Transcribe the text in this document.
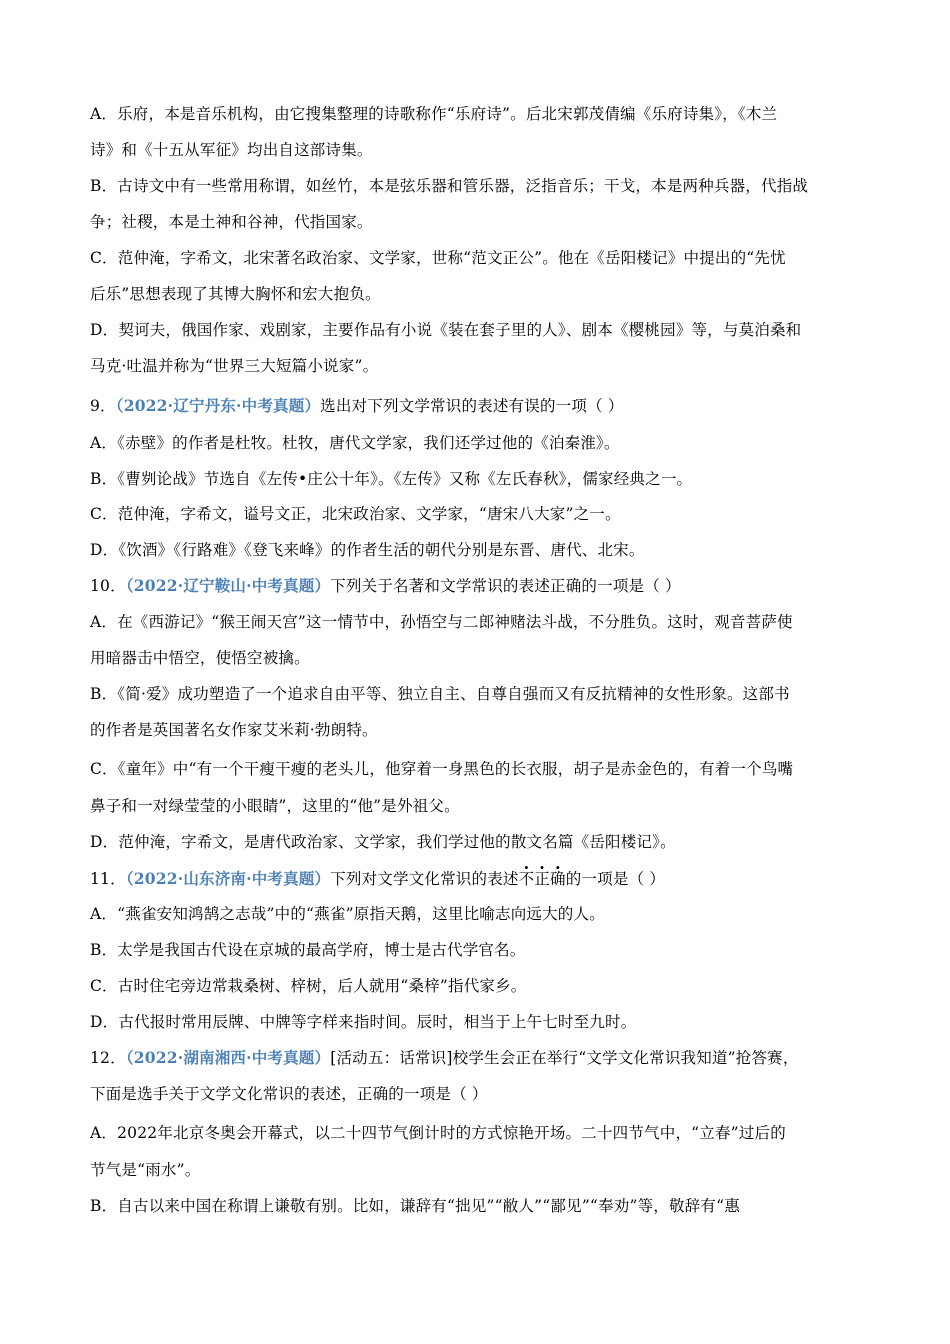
A．乐府，本是音乐机构，由它搜集整理的诗歌称作“乐府诗”。后北宋郭茂倩编《乐府诗集》，《木兰
诗》和《十五从军征》均出自这部诗集。
B．古诗文中有一些常用称谓，如丝竹，本是弦乐器和管乐器，泛指音乐；干戈，本是两种兵器，代指战
争；社稷，本是土神和谷神，代指国家。
C．范仲淹，字希文，北宋著名政治家、文学家，世称“范文正公”。他在《岳阳楼记》中提出的“先忧
后乐”思想表现了其博大胸怀和宏大抱负。
D．契诃夫，俄国作家、戏剧家，主要作品有小说《装在套子里的人》、剧本《樱桃园》等，与莫泊桑和
马克·吐温并称为“世界三大短篇小说家”。
9．（2022·辽宁丹东·中考真题）选出对下列文学常识的表述有误的一项（ ）
A．《赤壁》的作者是杜牧。杜牧，唐代文学家，我们还学过他的《泊秦淮》。
B．《曹刿论战》节选自《左传•庄公十年》。《左传》又称《左氏春秋》，儒家经典之一。
C．范仲淹，字希文，谥号文正，北宋政治家、文学家，“唐宋八大家”之一。
D．《饮酒》《行路难》《登飞来峰》的作者生活的朝代分别是东晋、唐代、北宋。
10．（2022·辽宁鞍山·中考真题）下列关于名著和文学常识的表述正确的一项是（ ）
A．在《西游记》“猴王闹天宫”这一情节中，孙悟空与二郎神赌法斗战，不分胜负。这时，观音菩萨使
用暗器击中悟空，使悟空被擒。
B．《简·爱》成功塑造了一个追求自由平等、独立自主、自尊自强而又有反抗精神的女性形象。这部书
的作者是英国著名女作家艾米莉·勃朗特。
C．《童年》中“有一个干瘦干瘦的老头儿，他穿着一身黑色的长衣服，胡子是赤金色的，有着一个鸟嘴
鼻子和一对绿莹莹的小眼睛”，这里的“他”是外祖父。
D．范仲淹，字希文，是唐代政治家、文学家，我们学过他的散文名篇《岳阳楼记》。
11．（2022·山东济南·中考真题）下列对文学文化常识的表述不正确的一项是（ ）
A．“燕雀安知鸿鹄之志哉”中的“燕雀”原指天鹅，这里比喻志向远大的人。
B．太学是我国古代设在京城的最高学府，博士是古代学官名。
C．古时住宅旁边常栽桑树、梓树，后人就用“桑梓”指代家乡。
D．古代报时常用辰牌、中牌等字样来指时间。辰时，相当于上午七时至九时。
12．（2022·湖南湘西·中考真题）[活动五：话常识]校学生会正在举行“文学文化常识我知道”抢答赛，
下面是选手关于文学文化常识的表述，正确的一项是（ ）
A．2022年北京冬奥会开幕式，以二十四节气倒计时的方式惊艳开场。二十四节气中，“立春”过后的
节气是“雨水”。
B．自古以来中国在称谓上谦敬有别。比如，谦辞有“拙见”“敝人”“鄙见”“奉劝”等，敬辞有“惠
